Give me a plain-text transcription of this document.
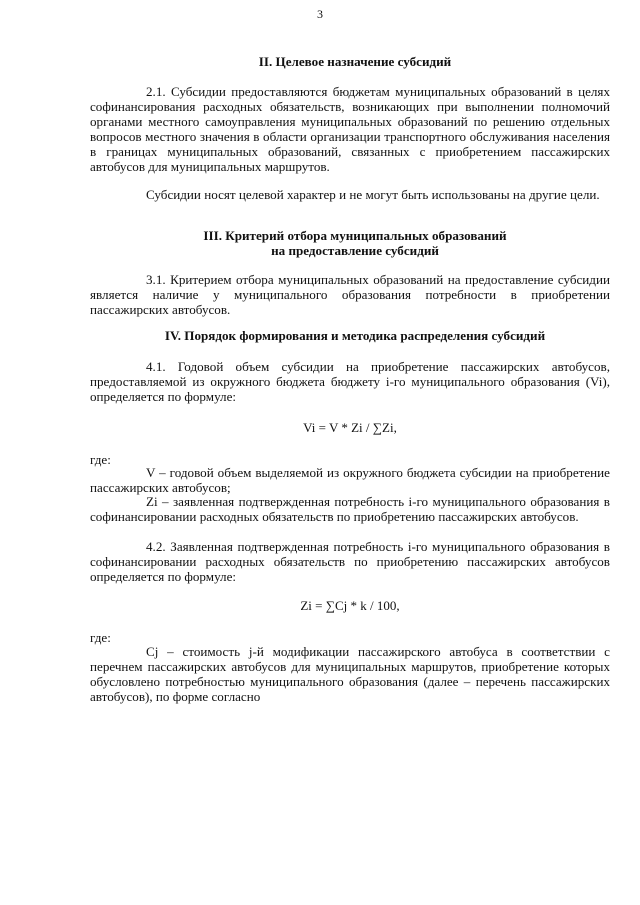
3
II. Целевое назначение субсидий
2.1. Субсидии предоставляются бюджетам муниципальных образований в целях софинансирования расходных обязательств, возникающих при выполнении полномочий органами местного самоуправления муниципальных образований по решению отдельных вопросов местного значения в области организации транспортного обслуживания населения в границах муниципальных образований, связанных с приобретением пассажирских автобусов для муниципальных маршрутов.
Субсидии носят целевой характер и не могут быть использованы на другие цели.
III. Критерий отбора муниципальных образований
на предоставление субсидий
3.1. Критерием отбора муниципальных образований на предоставление субсидии является наличие у муниципального образования потребности в приобретении пассажирских автобусов.
IV. Порядок формирования и методика распределения субсидий
4.1. Годовой объем субсидии на приобретение пассажирских автобусов, предоставляемой из окружного бюджета бюджету i-го муниципального образования (Vi), определяется по формуле:
Vi = V * Zi / ∑Zi,
где:
V – годовой объем выделяемой из окружного бюджета субсидии на приобретение пассажирских автобусов;
Zi – заявленная подтвержденная потребность i-го муниципального образования в софинансировании расходных обязательств по приобретению пассажирских автобусов.
4.2. Заявленная подтвержденная потребность i-го муниципального образования в софинансировании расходных обязательств по приобретению пассажирских автобусов определяется по формуле:
Zi = ∑Cj * k / 100,
где:
Cj – стоимость j-й модификации пассажирского автобуса в соответствии с перечнем пассажирских автобусов для муниципальных маршрутов, приобретение которых обусловлено потребностью муниципального образования (далее – перечень пассажирских автобусов), по форме согласно
